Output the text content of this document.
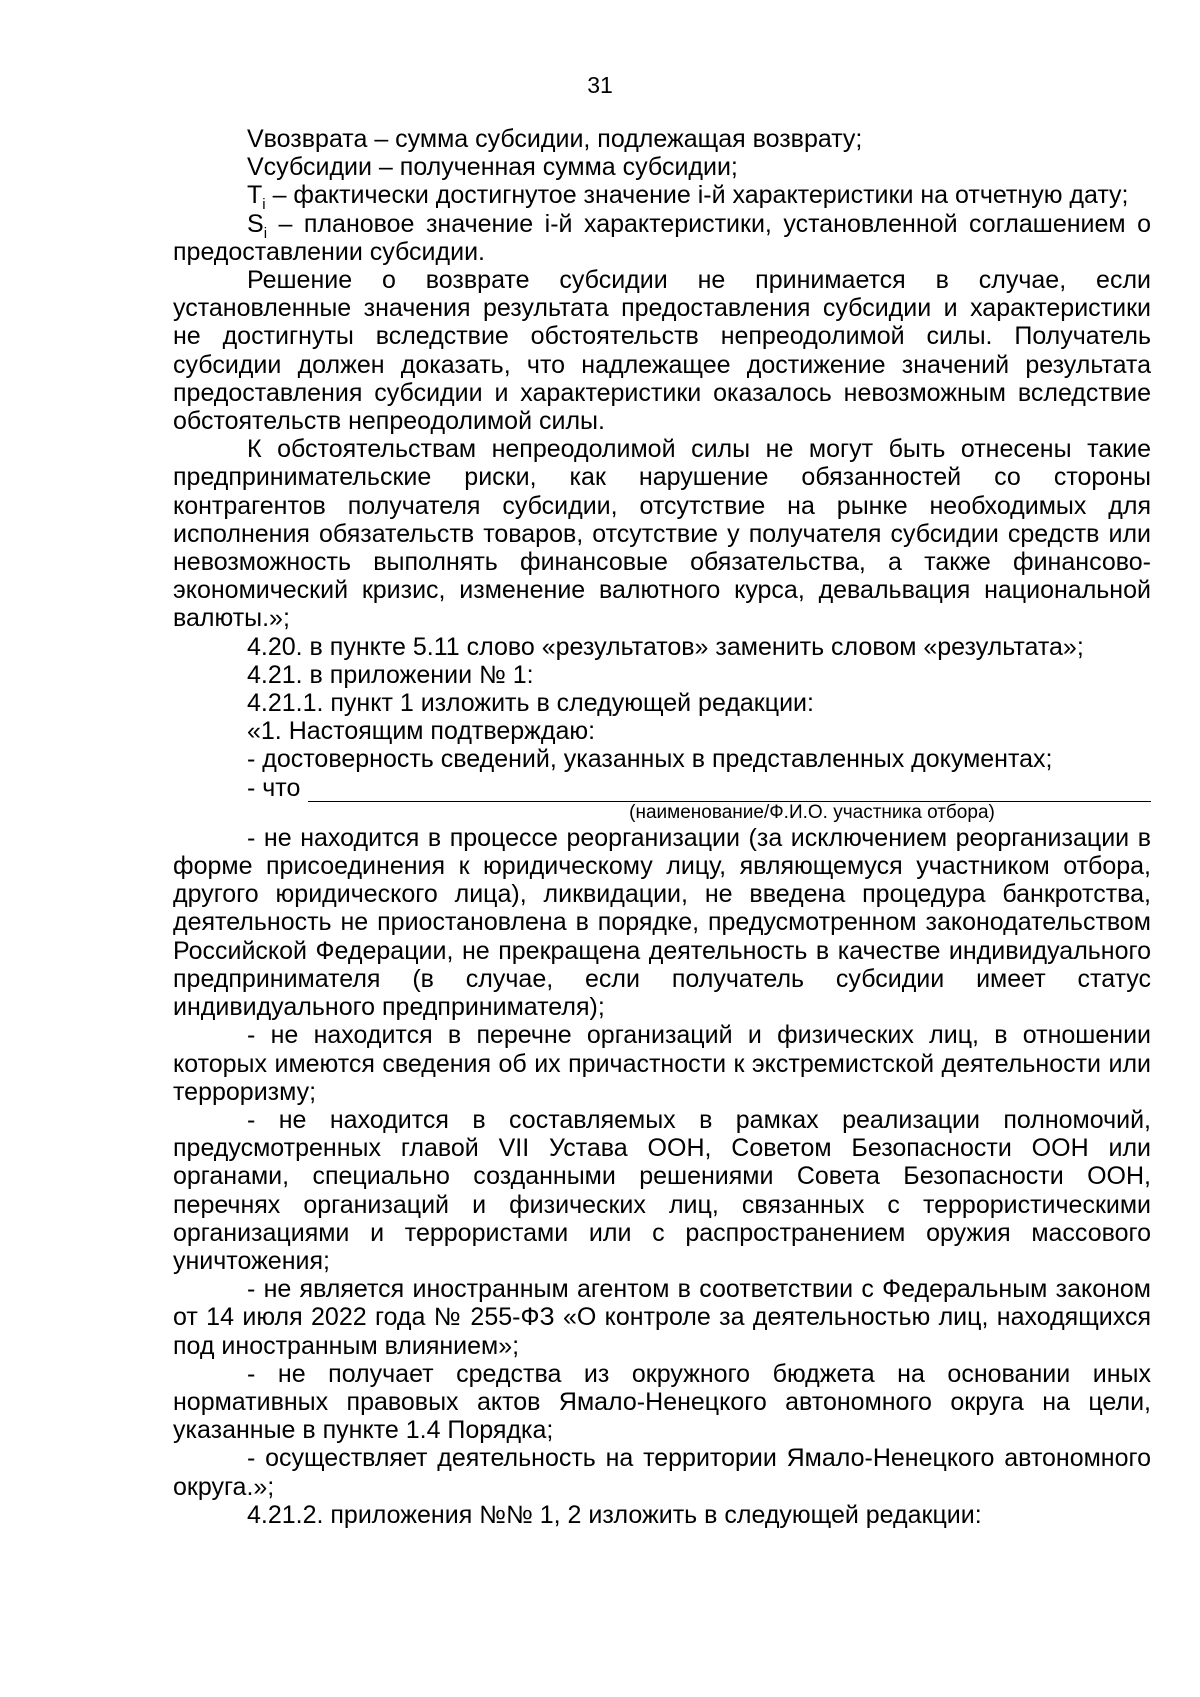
31

Vвозврата – сумма субсидии, подлежащая возврату;

Vсубсидии – полученная сумма субсидии;

$T_i$ – фактически достигнутое значение i-й характеристики на отчетную дату;

$S_i$ – плановое значение i-й характеристики, установленной соглашением о предоставлении субсидии.

Решение о возврате субсидии не принимается в случае, если установленные значения результата предоставления субсидии и характеристики не достигнуты вследствие обстоятельств непреодолимой силы. Получатель субсидии должен доказать, что надлежащее достижение значений результата предоставления субсидии и характеристики оказалось невозможным вследствие обстоятельств непреодолимой силы.

К обстоятельствам непреодолимой силы не могут быть отнесены такие предпринимательские риски, как нарушение обязанностей со стороны контрагентов получателя субсидии, отсутствие на рынке необходимых для исполнения обязательств товаров, отсутствие у получателя субсидии средств или невозможность выполнять финансовые обязательства, а также финансово-экономический кризис, изменение валютного курса, девальвация национальной валюты.»;

4.20. в пункте 5.11 слово «результатов» заменить словом «результата»;

4.21. в приложении № 1:

4.21.1. пункт 1 изложить в следующей редакции:

«1. Настоящим подтверждаю:

- достоверность сведений, указанных в представленных документах;

- что

(наименование/Ф.И.О. участника отбора)

- не находится в процессе реорганизации (за исключением реорганизации в форме присоединения к юридическому лицу, являющемуся участником отбора, другого юридического лица), ликвидации, не введена процедура банкротства, деятельность не приостановлена в порядке, предусмотренном законодательством Российской Федерации, не прекращена деятельность в качестве индивидуального предпринимателя (в случае, если получатель субсидии имеет статус индивидуального предпринимателя);

- не находится в перечне организаций и физических лиц, в отношении которых имеются сведения об их причастности к экстремистской деятельности или терроризму;

- не находится в составляемых в рамках реализации полномочий, предусмотренных главой VII Устава ООН, Советом Безопасности ООН или органами, специально созданными решениями Совета Безопасности ООН, перечнях организаций и физических лиц, связанных с террористическими организациями и террористами или с распространением оружия массового уничтожения;

- не является иностранным агентом в соответствии с Федеральным законом от 14 июля 2022 года № 255-ФЗ «О контроле за деятельностью лиц, находящихся под иностранным влиянием»;

- не получает средства из окружного бюджета на основании иных нормативных правовых актов Ямало-Ненецкого автономного округа на цели, указанные в пункте 1.4 Порядка;

- осуществляет деятельность на территории Ямало-Ненецкого автономного округа.»;

4.21.2. приложения №№ 1, 2 изложить в следующей редакции:
